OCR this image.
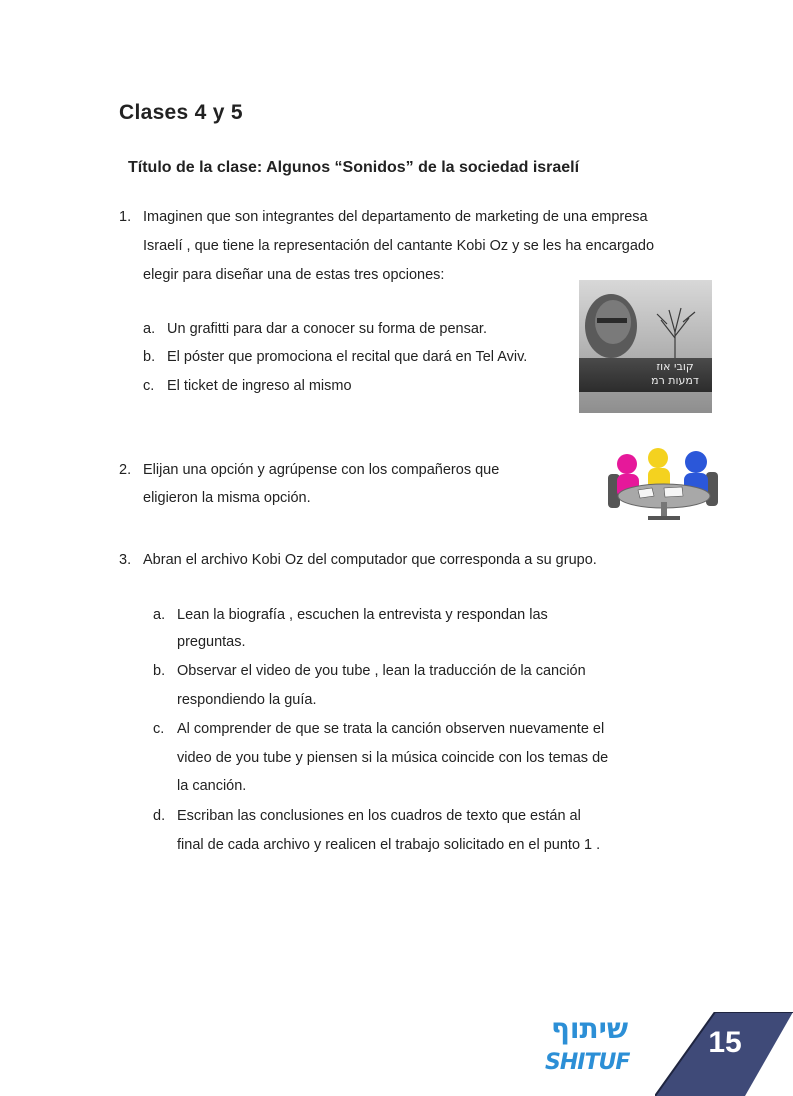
Clases 4 y 5
Título de la clase: Algunos “Sonidos” de la sociedad israelí
1. Imaginen que son integrantes del departamento de marketing de una empresa
Israelí , que tiene la representación del cantante Kobi Oz y se les ha encargado
elegir para diseñar una de estas tres opciones:
a. Un grafitti para dar a conocer su forma de pensar.
b. El póster que promociona el recital que dará en Tel Aviv.
c. El ticket de ingreso al mismo
קובי אוז
דמעות רמ
2. Elijan una opción y agrúpense con los compañeros que
eligieron la misma opción.
3. Abran el archivo Kobi Oz del computador que corresponda a su grupo.
a. Lean la biografía , escuchen la entrevista y respondan las
preguntas.
b. Observar el video de you tube , lean la traducción de la canción
respondiendo la guía.
c. Al comprender de que se trata la canción observen nuevamente el
video de you tube y piensen si la música coincide con los temas de
la canción.
d. Escriban las conclusiones en los cuadros de texto que están al
final de cada archivo y realicen el trabajo solicitado en el punto 1 .
שיתוף
SHITUF
15
